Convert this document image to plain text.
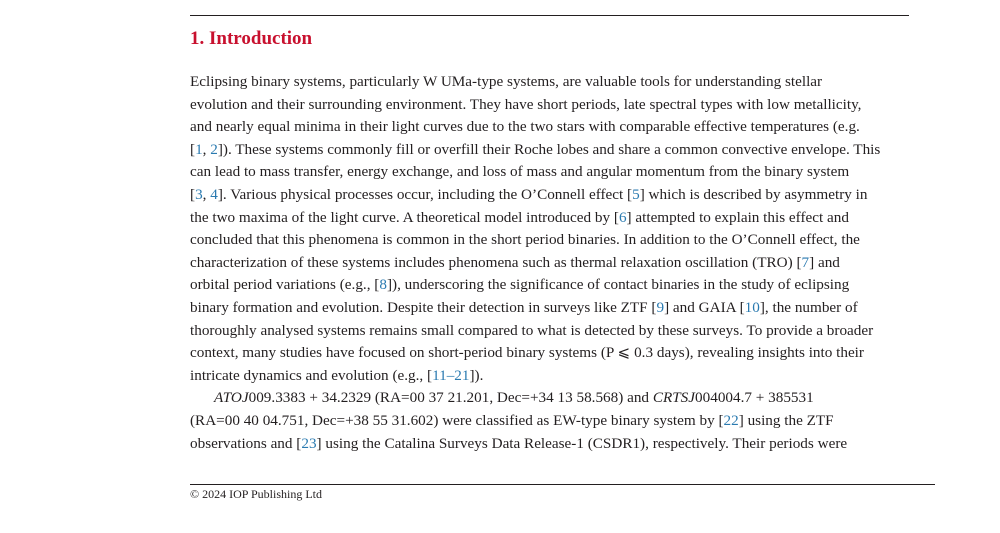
1. Introduction
Eclipsing binary systems, particularly W UMa-type systems, are valuable tools for understanding stellar
evolution and their surrounding environment. They have short periods, late spectral types with low metallicity,
and nearly equal minima in their light curves due to the two stars with comparable effective temperatures (e.g.
[1, 2]). These systems commonly fill or overfill their Roche lobes and share a common convective envelope. This
can lead to mass transfer, energy exchange, and loss of mass and angular momentum from the binary system
[3, 4]. Various physical processes occur, including the O’Connell effect [5] which is described by asymmetry in
the two maxima of the light curve. A theoretical model introduced by [6] attempted to explain this effect and
concluded that this phenomena is common in the short period binaries. In addition to the O’Connell effect, the
characterization of these systems includes phenomena such as thermal relaxation oscillation (TRO) [7] and
orbital period variations (e.g., [8]), underscoring the significance of contact binaries in the study of eclipsing
binary formation and evolution. Despite their detection in surveys like ZTF [9] and GAIA [10], the number of
thoroughly analysed systems remains small compared to what is detected by these surveys. To provide a broader
context, many studies have focused on short-period binary systems (P ⩽ 0.3 days), revealing insights into their
intricate dynamics and evolution (e.g., [11–21]).
ATOJ009.3383 + 34.2329 (RA=00 37 21.201, Dec=+34 13 58.568) and CRTSJ004004.7 + 385531
(RA=00 40 04.751, Dec=+38 55 31.602) were classified as EW-type binary system by [22] using the ZTF
observations and [23] using the Catalina Surveys Data Release-1 (CSDR1), respectively. Their periods were
© 2024 IOP Publishing Ltd
